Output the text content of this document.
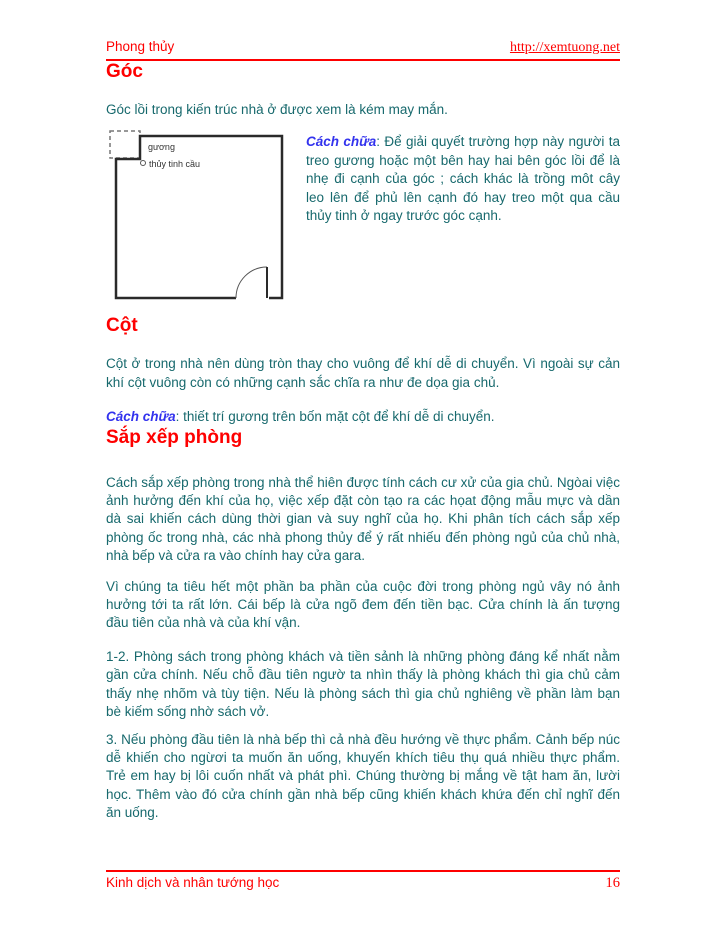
Phong thủy	http://xemtuong.net
Góc

Góc lồi trong kiến trúc nhà ở được xem là kém may mắn.

gương
thủy tinh cầu

Cách chữa: Để giải quyết trường hợp này người ta treo gương hoặc một bên hay hai bên góc lồi để là nhẹ đi cạnh của góc ; cách khác là trồng môt cây leo lên để phủ lên cạnh đó hay treo một qua cầu thủy tinh ở ngay trước góc cạnh.

Cột

Cột ở trong nhà nên dùng tròn thay cho vuông để khí dễ di chuyển. Vì ngoài sự cản khí cột vuông còn có những cạnh sắc chĩa ra như đe dọa gia chủ.

Cách chữa: thiết trí gương trên bốn mặt cột để khí dễ di chuyển.

Sắp xếp phòng

Cách sắp xếp phòng trong nhà thể hiên được tính cách cư xử của gia chủ. Ngòai việc ảnh hưởng đến khí của họ, việc xếp đặt còn tạo ra các họat động mẫu mực và dần dà sai khiến cách dùng thời gian và suy nghĩ của họ. Khi phân tích cách sắp xếp phòng ốc trong nhà, các nhà phong thủy để ý rất nhiếu đến phòng ngủ của chủ nhà, nhà bếp và cửa ra vào chính hay cửa gara.

Vì chúng ta tiêu hết một phần ba phần của cuộc đời trong phòng ngủ vây nó ảnh hưởng tới ta rất lớn. Cái bếp là cửa ngõ đem đến tiền bạc. Cửa chính là ấn tượng đầu tiên của nhà và của khí vận.

1-2. Phòng sách trong phòng khách và tiền sảnh là những phòng đáng kể nhất nằm gần cửa chính. Nếu chỗ đầu tiên ngườ ta nhìn thấy là phòng khách thì gia chủ cảm thấy nhẹ nhõm và tùy tiện. Nếu là phòng sách thì gia chủ nghiêng về phần làm bạn bè kiếm sống nhờ sách vở.

3. Nếu phòng đầu tiên là nhà bếp thì cả nhà đều hướng về thực phẩm. Cảnh bếp núc dễ khiến cho ngừơi ta muốn ăn uống, khuyến khích tiêu thụ quá nhiều thực phẩm. Trẻ em hay bị lôi cuốn nhất và phát phì. Chúng thường bị mắng về tật ham ăn, lười học. Thêm vào đó cửa chính gần nhà bếp cũng khiến khách khứa đến chỉ nghĩ đến ăn uống.

Kinh dịch và nhân tướng học	16
